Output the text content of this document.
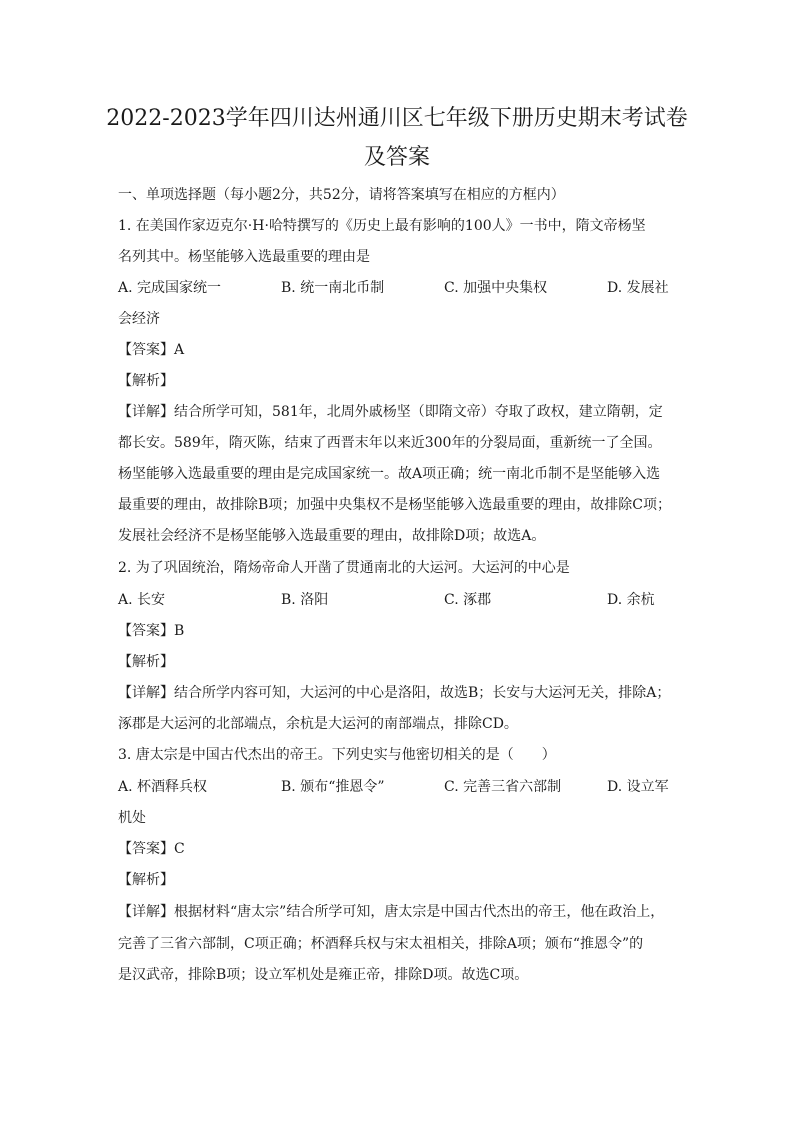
2022-2023学年四川达州通川区七年级下册历史期末考试卷
及答案

一、单项选择题（每小题2分，共52分，请将答案填写在相应的方框内）

1. 在美国作家迈克尔·H·哈特撰写的《历史上最有影响的100人》一书中，隋文帝杨坚

名列其中。杨坚能够入选最重要的理由是

A. 完成国家统一	B. 统一南北币制	C. 加强中央集权	D. 发展社

会经济

【答案】A

【解析】

【详解】结合所学可知，581年，北周外戚杨坚（即隋文帝）夺取了政权，建立隋朝，定

都长安。589年，隋灭陈，结束了西晋末年以来近300年的分裂局面，重新统一了全国。

杨坚能够入选最重要的理由是完成国家统一。故A项正确；统一南北币制不是坚能够入选

最重要的理由，故排除B项；加强中央集权不是杨坚能够入选最重要的理由，故排除C项；

发展社会经济不是杨坚能够入选最重要的理由，故排除D项；故选A。

2. 为了巩固统治，隋炀帝命人开凿了贯通南北的大运河。大运河的中心是

A. 长安	B. 洛阳	C. 涿郡	D. 余杭

【答案】B

【解析】

【详解】结合所学内容可知，大运河的中心是洛阳，故选B；长安与大运河无关，排除A；

涿郡是大运河的北部端点，余杭是大运河的南部端点，排除CD。

3. 唐太宗是中国古代杰出的帝王。下列史实与他密切相关的是（　　）

A. 杯酒释兵权	B. 颁布“推恩令”	C. 完善三省六部制	D. 设立军

机处

【答案】C

【解析】

【详解】根据材料“唐太宗”结合所学可知，唐太宗是中国古代杰出的帝王，他在政治上，

完善了三省六部制，C项正确；杯酒释兵权与宋太祖相关，排除A项；颁布“推恩令”的

是汉武帝，排除B项；设立军机处是雍正帝，排除D项。故选C项。
